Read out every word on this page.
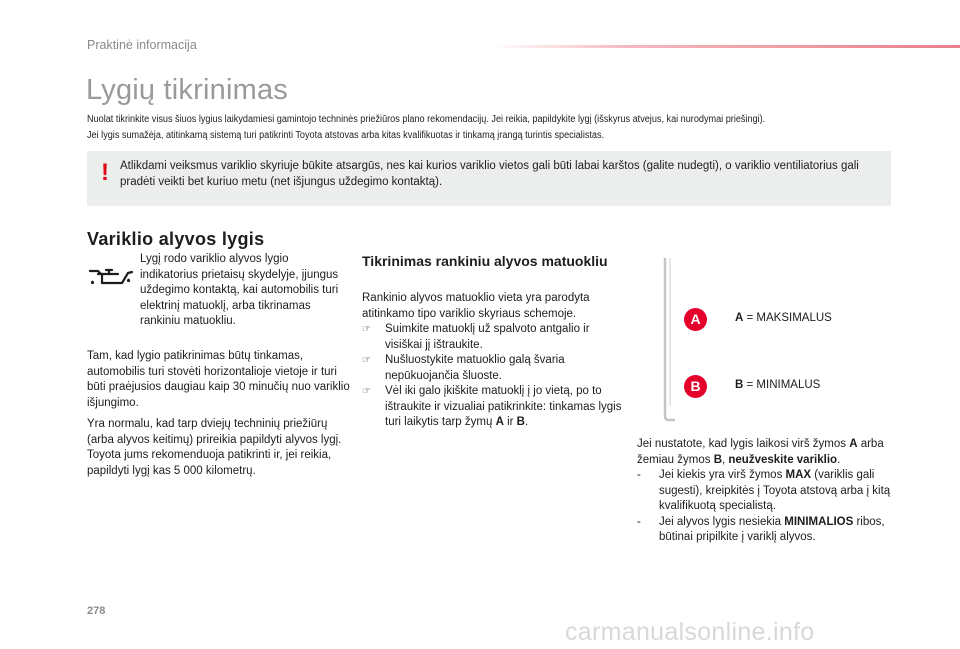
Praktinė informacija
Lygių tikrinimas
Nuolat tikrinkite visus šiuos lygius laikydamiesi gamintojo techninės priežiūros plano rekomendacijų. Jei reikia, papildykite lygį (išskyrus atvejus, kai nurodymai priešingi).
Jei lygis sumažėja, atitinkamą sistemą turi patikrinti Toyota atstovas arba kitas kvalifikuotas ir tinkamą įrangą turintis specialistas.
! Atlikdami veiksmus variklio skyriuje būkite atsargūs, nes kai kurios variklio vietos gali būti labai karštos (galite nudegti), o variklio ventiliatorius gali pradėti veikti bet kuriuo metu (net išjungus uždegimo kontaktą).
Variklio alyvos lygis

Lygį rodo variklio alyvos lygio indikatorius prietaisų skydelyje, įjungus uždegimo kontaktą, kai automobilis turi elektrinį matuoklį, arba tikrinamas rankiniu matuokliu.

Tam, kad lygio patikrinimas būtų tinkamas, automobilis turi stovėti horizontalioje vietoje ir turi būti praėjusios daugiau kaip 30 minučių nuo variklio išjungimo.

Yra normalu, kad tarp dviejų techninių priežiūrų (arba alyvos keitimų) prireikia papildyti alyvos lygį. Toyota jums rekomenduoja patikrinti ir, jei reikia, papildyti lygį kas 5 000 kilometrų.

Tikrinimas rankiniu alyvos matuokliu

Rankinio alyvos matuoklio vieta yra parodyta atitinkamo tipo variklio skyriaus schemoje.

☞	Suimkite matuoklį už spalvoto antgalio ir visiškai jį ištraukite.
☞	Nušluostykite matuoklio galą švaria nepūkuojančia šluoste.
☞	Vėl iki galo įkiškite matuoklį į jo vietą, po to ištraukite ir vizualiai patikrinkite: tinkamas lygis turi laikytis tarp žymų A ir B.
A
B
A = MAKSIMALUS
B = MINIMALUS

Jei nustatote, kad lygis laikosi virš žymos A arba žemiau žymos B, neužveskite variklio.

- Jei kiekis yra virš žymos MAX (variklis gali sugesti), kreipkitės į Toyota atstovą arba į kitą kvalifikuotą specialistą.
- Jei alyvos lygis nesiekia MINIMALIOS ribos, būtinai pripilkite į variklį alyvos.
278
carmanualsonline.info
